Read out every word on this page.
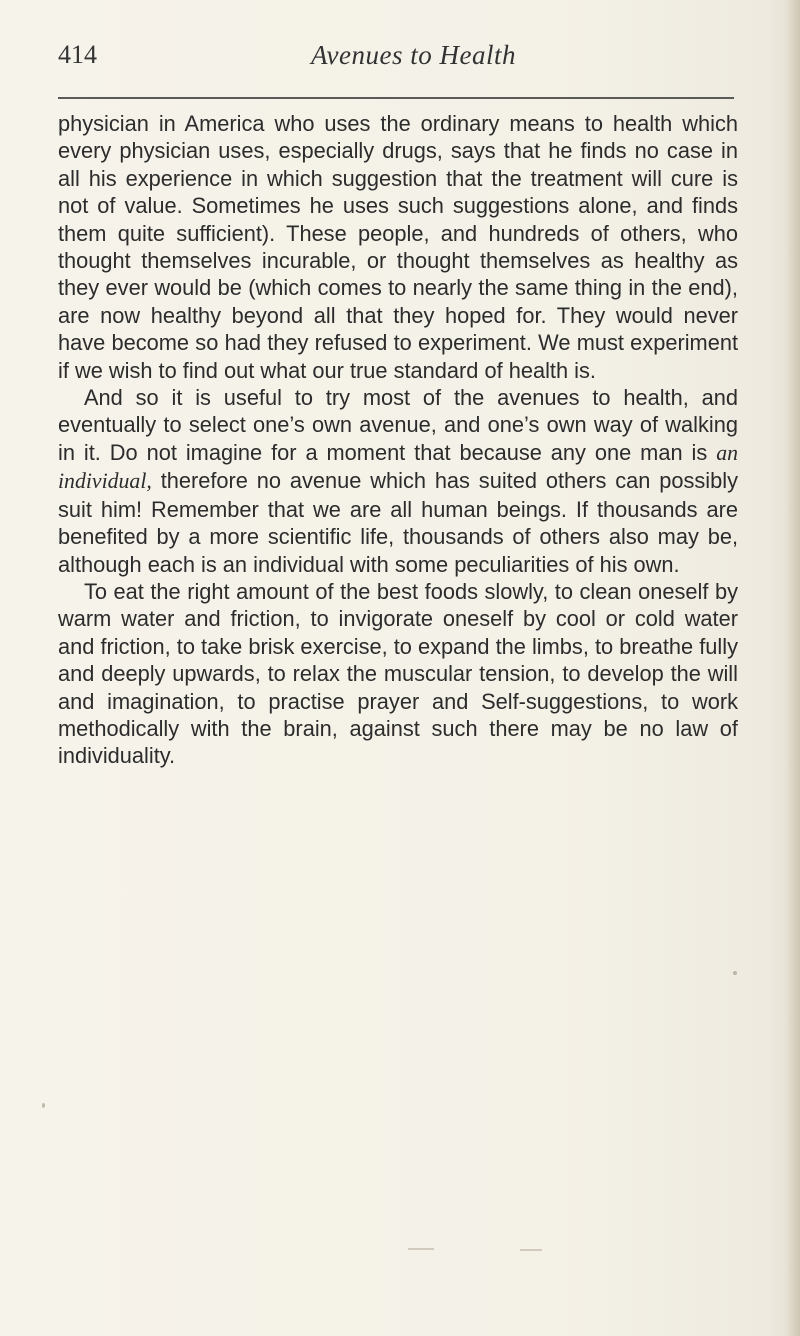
414	Avenues to Health

physician in America who uses the ordinary means to health which every physician uses, especially drugs, says that he finds no case in all his experience in which suggestion that the treatment will cure is not of value. Sometimes he uses such suggestions alone, and finds them quite sufficient). These people, and hundreds of others, who thought themselves incurable, or thought themselves as healthy as they ever would be (which comes to nearly the same thing in the end), are now healthy beyond all that they hoped for. They would never have become so had they refused to experiment. We must experiment if we wish to find out what our true standard of health is.

And so it is useful to try most of the avenues to health, and eventually to select one’s own avenue, and one’s own way of walking in it. Do not imagine for a moment that because any one man is an individual, therefore no avenue which has suited others can possibly suit him! Remember that we are all human beings. If thousands are benefited by a more scientific life, thousands of others also may be, although each is an individual with some peculiarities of his own.

To eat the right amount of the best foods slowly, to clean oneself by warm water and friction, to invigorate oneself by cool or cold water and friction, to take brisk exercise, to expand the limbs, to breathe fully and deeply upwards, to relax the muscular tension, to develop the will and imagination, to practise prayer and Self-suggestions, to work methodically with the brain, against such there may be no law of individuality.
